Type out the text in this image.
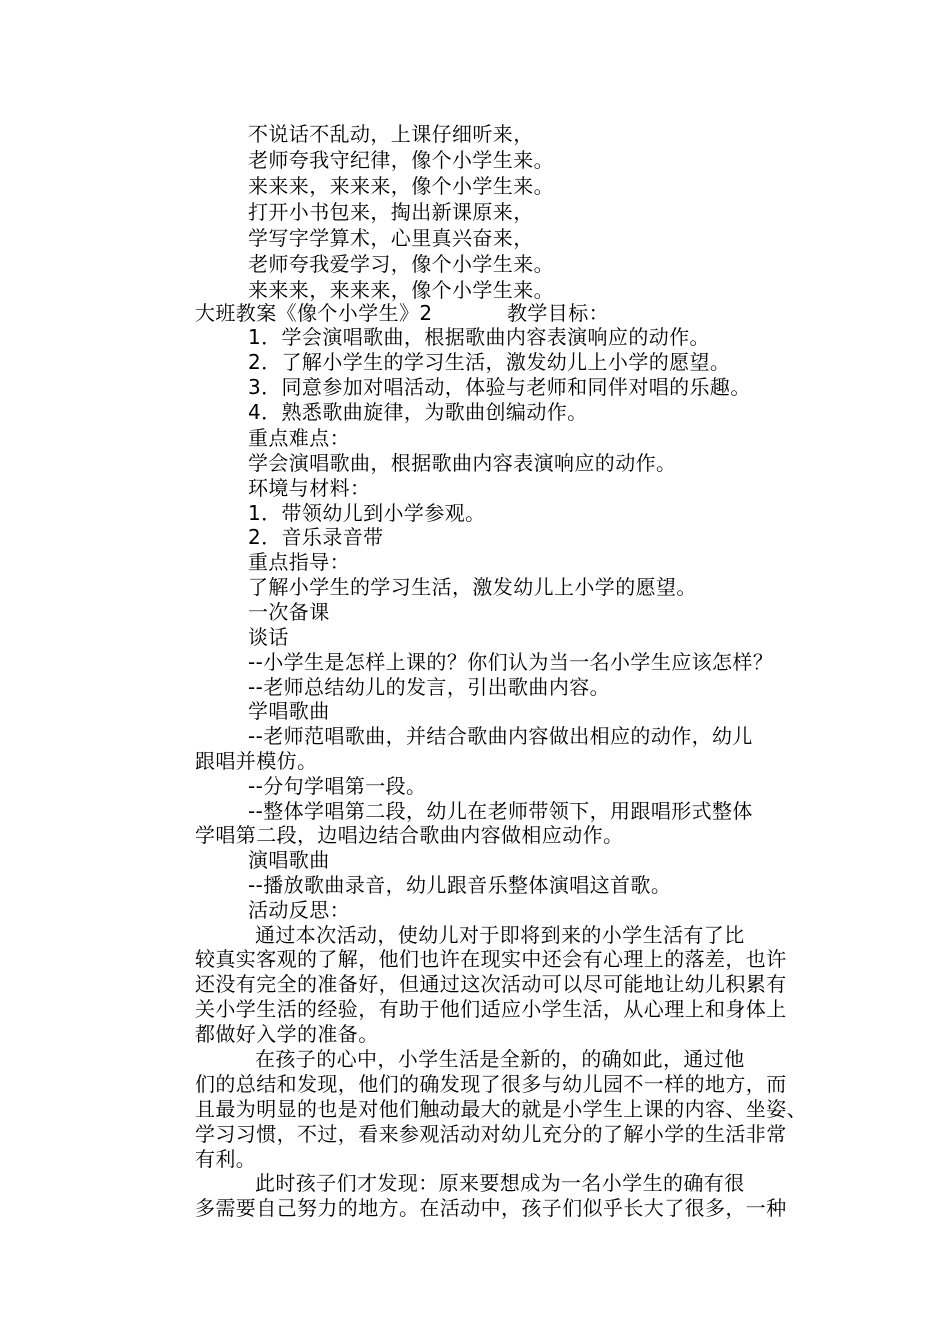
不说话不乱动，上课仔细听来，
老师夸我守纪律，像个小学生来。
来来来，来来来，像个小学生来。
打开小书包来，掏出新课原来，
学写字学算术，心里真兴奋来，
老师夸我爱学习，像个小学生来。
来来来，来来来，像个小学生来。
大班教案《像个小学生》2	教学目标：
1．学会演唱歌曲，根据歌曲内容表演响应的动作。
2．了解小学生的学习生活，激发幼儿上小学的愿望。
3．同意参加对唱活动，体验与老师和同伴对唱的乐趣。
4．熟悉歌曲旋律，为歌曲创编动作。
重点难点：
学会演唱歌曲，根据歌曲内容表演响应的动作。
环境与材料：
1．带领幼儿到小学参观。
2．音乐录音带
重点指导：
了解小学生的学习生活，激发幼儿上小学的愿望。
一次备课
谈话
--小学生是怎样上课的？你们认为当一名小学生应该怎样？
--老师总结幼儿的发言，引出歌曲内容。
学唱歌曲
--老师范唱歌曲，并结合歌曲内容做出相应的动作，幼儿
跟唱并模仿。
--分句学唱第一段。
--整体学唱第二段，幼儿在老师带领下，用跟唱形式整体
学唱第二段，边唱边结合歌曲内容做相应动作。
演唱歌曲
--播放歌曲录音，幼儿跟音乐整体演唱这首歌。
活动反思：
通过本次活动，使幼儿对于即将到来的小学生活有了比
较真实客观的了解，他们也许在现实中还会有心理上的落差，也许
还没有完全的准备好，但通过这次活动可以尽可能地让幼儿积累有
关小学生活的经验，有助于他们适应小学生活，从心理上和身体上
都做好入学的准备。
在孩子的心中，小学生活是全新的，的确如此，通过他
们的总结和发现，他们的确发现了很多与幼儿园不一样的地方，而
且最为明显的也是对他们触动最大的就是小学生上课的内容、坐姿、
学习习惯，不过，看来参观活动对幼儿充分的了解小学的生活非常
有利。
此时孩子们才发现：原来要想成为一名小学生的确有很
多需要自己努力的地方。在活动中，孩子们似乎长大了很多，一种
